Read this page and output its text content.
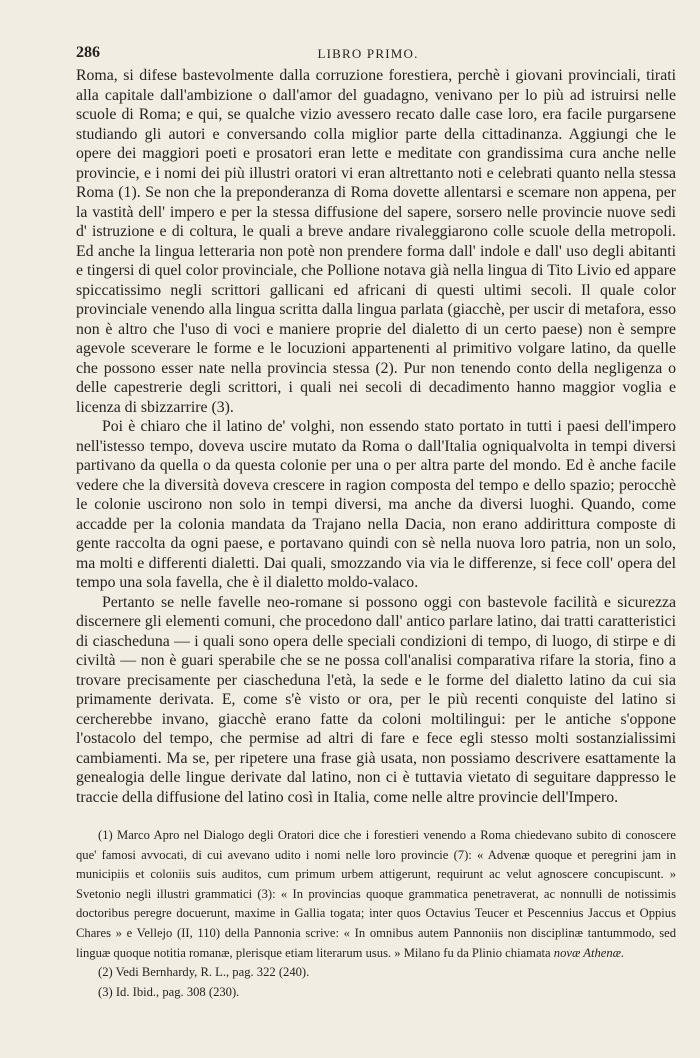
286	LIBRO PRIMO.

Roma, si difese bastevolmente dalla corruzione forestiera, perchè i giovani provinciali, tirati alla capitale dall'ambizione o dall'amor del guadagno, venivano per lo più ad istruirsi nelle scuole di Roma; e qui, se qualche vizio avessero recato dalle case loro, era facile purgarsene studiando gli autori e conversando colla miglior parte della cittadinanza. Aggiungi che le opere dei maggiori poeti e prosatori eran lette e meditate con grandissima cura anche nelle provincie, e i nomi dei più illustri oratori vi eran altrettanto noti e celebrati quanto nella stessa Roma (1). Se non che la preponderanza di Roma dovette allentarsi e scemare non appena, per la vastità dell' impero e per la stessa diffusione del sapere, sorsero nelle provincie nuove sedi d' istruzione e di coltura, le quali a breve andare rivaleggiarono colle scuole della metropoli. Ed anche la lingua letteraria non potè non prendere forma dall' indole e dall' uso degli abitanti e tingersi di quel color provinciale, che Pollione notava già nella lingua di Tito Livio ed appare spiccatissimo negli scrittori gallicani ed africani di questi ultimi secoli. Il quale color provinciale venendo alla lingua scritta dalla lingua parlata (giacchè, per uscir di metafora, esso non è altro che l'uso di voci e maniere proprie del dialetto di un certo paese) non è sempre agevole sceverare le forme e le locuzioni appartenenti al primitivo volgare latino, da quelle che possono esser nate nella provincia stessa (2). Pur non tenendo conto della negligenza o delle capestrerie degli scrittori, i quali nei secoli di decadimento hanno maggior voglia e licenza di sbizzarrire (3).

Poi è chiaro che il latino de' volghi, non essendo stato portato in tutti i paesi dell'impero nell'istesso tempo, doveva uscire mutato da Roma o dall'Italia ogniqualvolta in tempi diversi partivano da quella o da questa colonie per una o per altra parte del mondo. Ed è anche facile vedere che la diversità doveva crescere in ragion composta del tempo e dello spazio; perocchè le colonie uscirono non solo in tempi diversi, ma anche da diversi luoghi. Quando, come accadde per la colonia mandata da Trajano nella Dacia, non erano addirittura composte di gente raccolta da ogni paese, e portavano quindi con sè nella nuova loro patria, non un solo, ma molti e differenti dialetti. Dai quali, smozzando via via le differenze, si fece coll' opera del tempo una sola favella, che è il dialetto moldo-valaco.

Pertanto se nelle favelle neo-romane si possono oggi con bastevole facilità e sicurezza discernere gli elementi comuni, che procedono dall' antico parlare latino, dai tratti caratteristici di ciascheduna — i quali sono opera delle speciali condizioni di tempo, di luogo, di stirpe e di civiltà — non è guari sperabile che se ne possa coll'analisi comparativa rifare la storia, fino a trovare precisamente per ciascheduna l'età, la sede e le forme del dialetto latino da cui sia primamente derivata. E, come s'è visto or ora, per le più recenti conquiste del latino si cercherebbe invano, giacchè erano fatte da coloni moltilingui: per le antiche s'oppone l'ostacolo del tempo, che permise ad altri di fare e fece egli stesso molti sostanzialissimi cambiamenti. Ma se, per ripetere una frase già usata, non possiamo descrivere esattamente la genealogia delle lingue derivate dal latino, non ci è tuttavia vietato di seguitare dappresso le traccie della diffusione del latino così in Italia, come nelle altre provincie dell'Impero.

(1) Marco Apro nel Dialogo degli Oratori dice che i forestieri venendo a Roma chiedevano subito di conoscere que' famosi avvocati, di cui avevano udito i nomi nelle loro provincie (7): « Advenæ quoque et peregrini jam in municipiis et coloniis suis auditos, cum primum urbem attigerunt, requirunt ac velut agnoscere concupiscunt. » Svetonio negli illustri grammatici (3): « In provincias quoque grammatica penetraverat, ac nonnulli de notissimis doctoribus peregre docuerunt, maxime in Gallia togata; inter quos Octavius Teucer et Pescennius Jaccus et Oppius Chares » e Vellejo (II, 110) della Pannonia scrive: « In omnibus autem Pannoniis non disciplinæ tantummodo, sed linguæ quoque notitia romanæ, plerisque etiam literarum usus. » Milano fu da Plinio chiamata novæ Athenæ.

(2) Vedi Bernhardy, R. L., pag. 322 (240).

(3) Id. Ibid., pag. 308 (230).
